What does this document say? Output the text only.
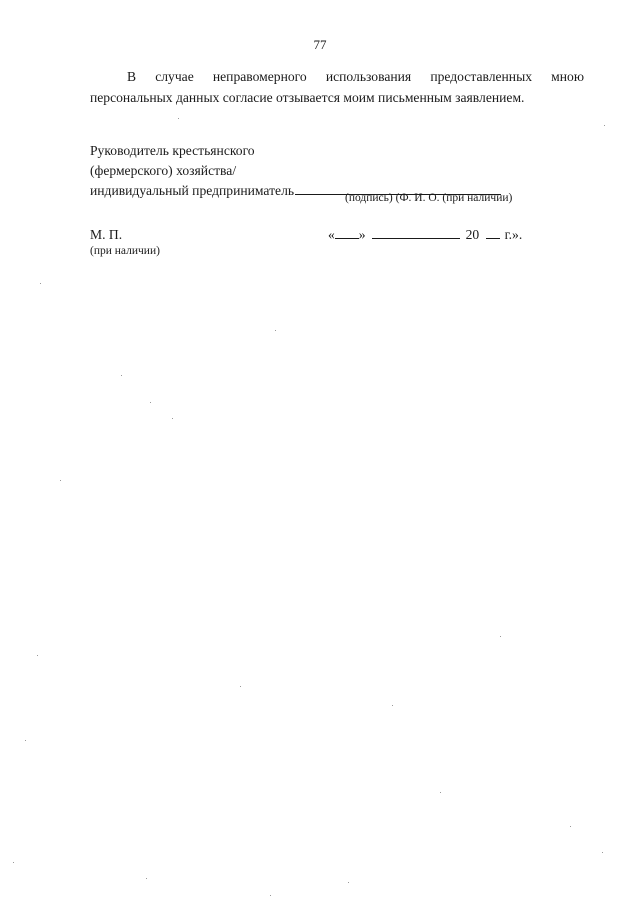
77

В случае неправомерного использования предоставленных мною
персональных данных согласие отзывается моим письменным заявлением.

Руководитель крестьянского
(фермерского) хозяйства/
индивидуальный предприниматель	(подпись) (Ф. И. О. (при наличии)
М. П.
(при наличии)
« »	20 г.».
